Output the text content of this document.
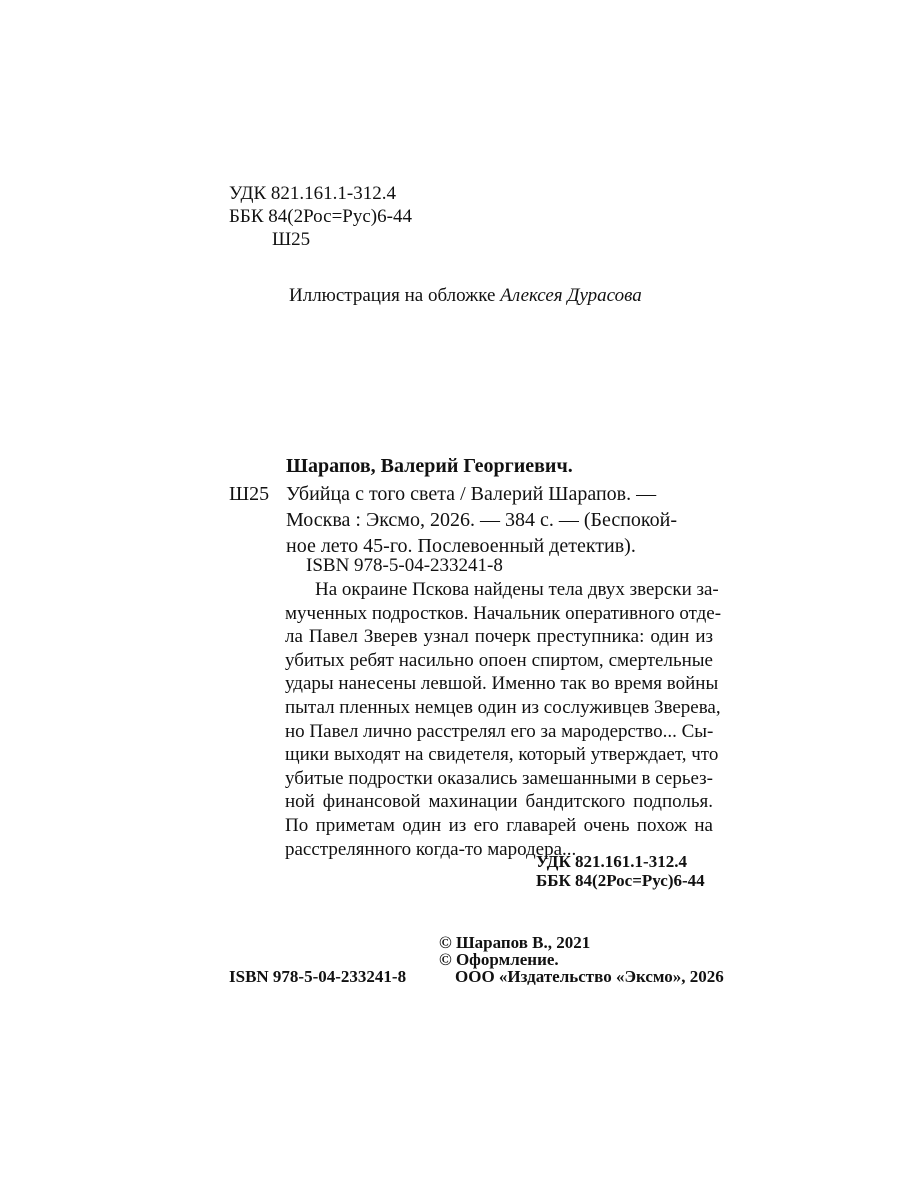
УДК 821.161.1-312.4
ББК 84(2Рос=Рус)6-44
Ш25
Иллюстрация на обложке Алексея Дурасова
Шарапов, Валерий Георгиевич.
Ш25 Убийца с того света / Валерий Шарапов. —
Москва : Эксмо, 2026. — 384 с. — (Беспокой-
ное лето 45-го. Послевоенный детектив).
ISBN 978-5-04-233241-8
На окраине Пскова найдены тела двух зверски за-
мученных подростков. Начальник оперативного отде-
ла Павел Зверев узнал почерк преступника: один из
убитых ребят насильно опоен спиртом, смертельные
удары нанесены левшой. Именно так во время войны
пытал пленных немцев один из сослуживцев Зверева,
но Павел лично расстрелял его за мародерство... Сы-
щики выходят на свидетеля, который утверждает, что
убитые подростки оказались замешанными в серьез-
ной финансовой махинации бандитского подполья.
По приметам один из его главарей очень похож на
расстрелянного когда-то мародера...
УДК 821.161.1-312.4
ББК 84(2Рос=Рус)6-44
© Шарапов В., 2021
© Оформление.
ООО «Издательство «Эксмо», 2026
ISBN 978-5-04-233241-8
